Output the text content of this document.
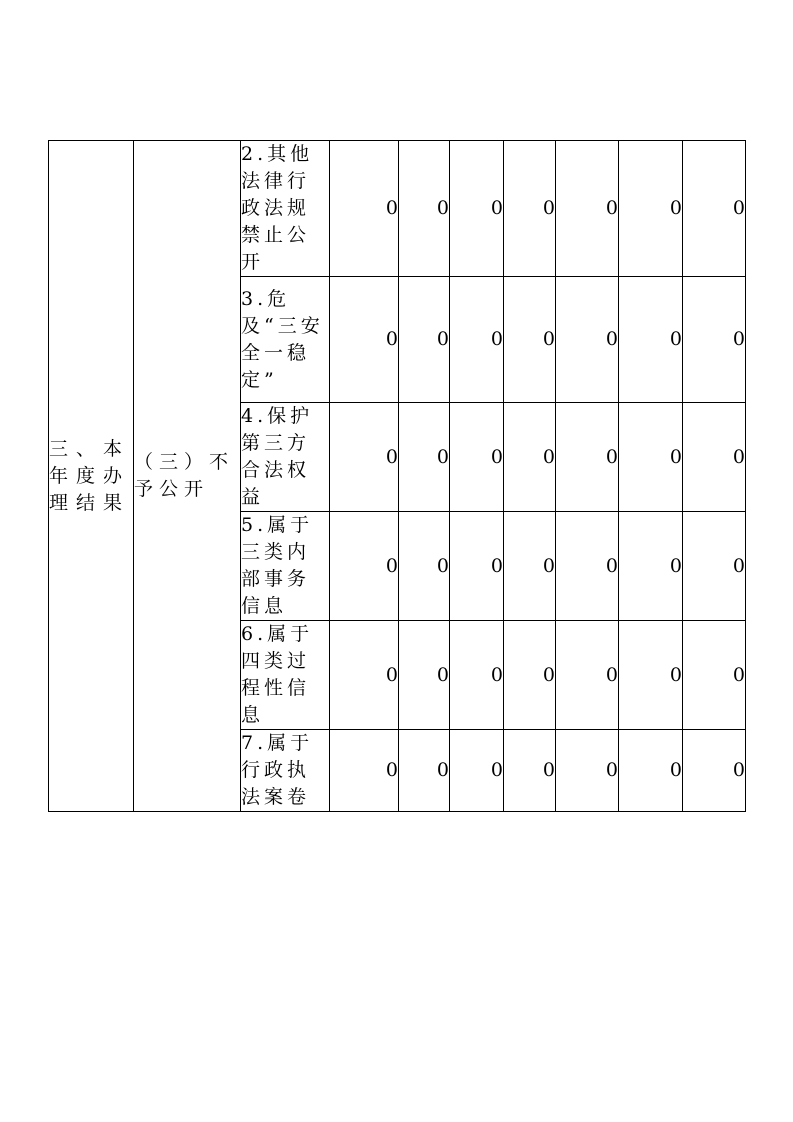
三、本年度办理结果	（三）不予公开	2.其他法律行政法规禁止公开	0	0	0	0	0	0	0
		3.危及“三安全一稳定”	0	0	0	0	0	0	0
		4.保护第三方合法权益	0	0	0	0	0	0	0
		5.属于三类内部事务信息	0	0	0	0	0	0	0
		6.属于四类过程性信息	0	0	0	0	0	0	0
		7.属于行政执法案卷	0	0	0	0	0	0	0
